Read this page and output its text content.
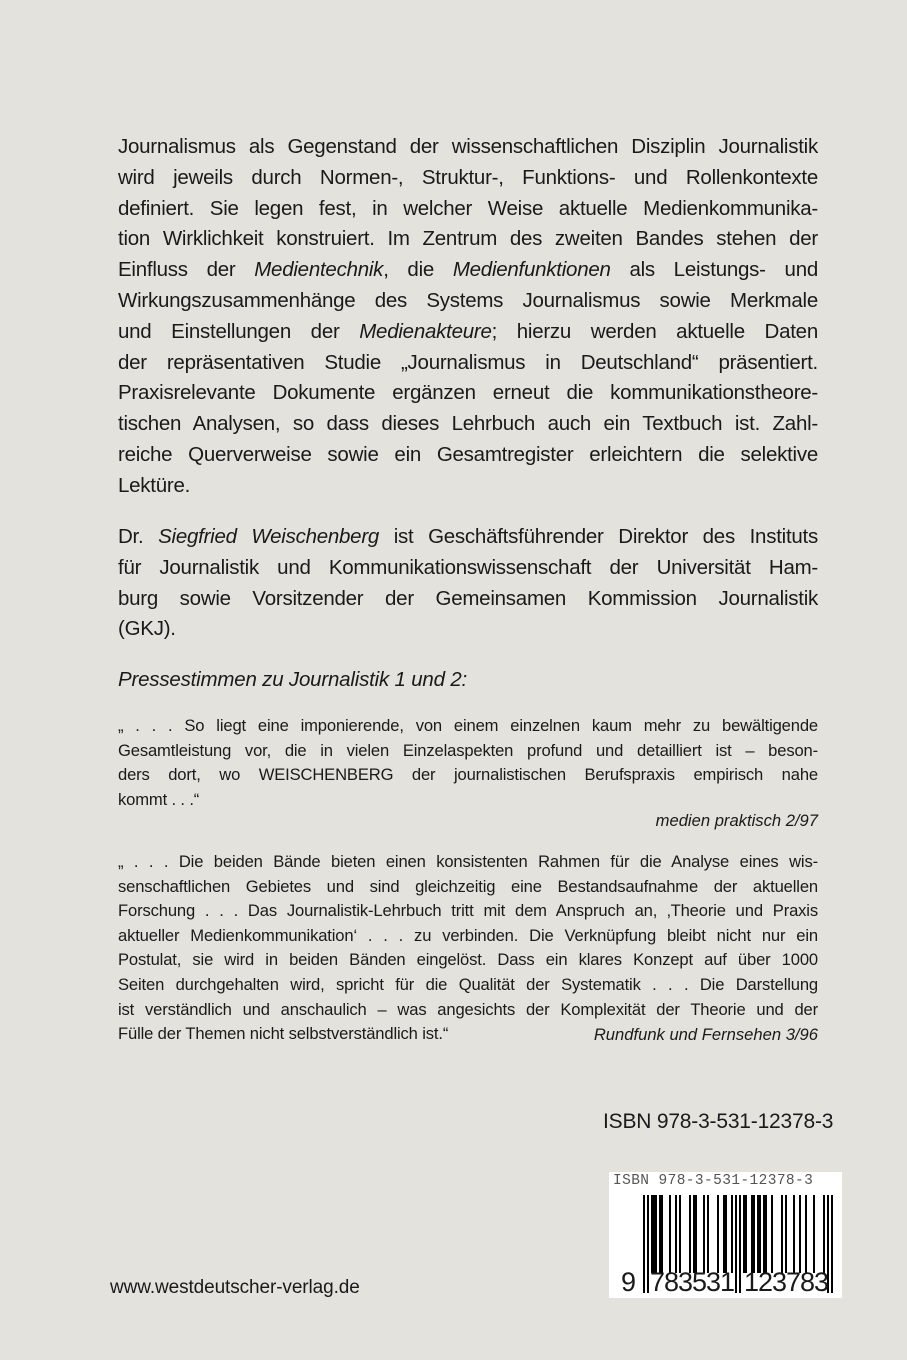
Journalismus als Gegenstand der wissenschaftlichen Disziplin Journalistik
wird jeweils durch Normen-, Struktur-, Funktions- und Rollenkontexte
definiert. Sie legen fest, in welcher Weise aktuelle Medienkommunika-
tion Wirklichkeit konstruiert. Im Zentrum des zweiten Bandes stehen der
Einfluss der Medientechnik, die Medienfunktionen als Leistungs- und
Wirkungszusammenhänge des Systems Journalismus sowie Merkmale
und Einstellungen der Medienakteure; hierzu werden aktuelle Daten
der repräsentativen Studie „Journalismus in Deutschland“ präsentiert.
Praxisrelevante Dokumente ergänzen erneut die kommunikationstheore-
tischen Analysen, so dass dieses Lehrbuch auch ein Textbuch ist. Zahl-
reiche Querverweise sowie ein Gesamtregister erleichtern die selektive
Lektüre.
Dr. Siegfried Weischenberg ist Geschäftsführender Direktor des Instituts
für Journalistik und Kommunikationswissenschaft der Universität Ham-
burg sowie Vorsitzender der Gemeinsamen Kommission Journalistik
(GKJ).
Pressestimmen zu Journalistik 1 und 2:
„ . . . So liegt eine imponierende, von einem einzelnen kaum mehr zu bewältigende
Gesamtleistung vor, die in vielen Einzelaspekten profund und detailliert ist – beson-
ders dort, wo WEISCHENBERG der journalistischen Berufspraxis empirisch nahe
kommt . . .“
medien praktisch 2/97
„ . . . Die beiden Bände bieten einen konsistenten Rahmen für die Analyse eines wis-
senschaftlichen Gebietes und sind gleichzeitig eine Bestandsaufnahme der aktuellen
Forschung . . . Das Journalistik-Lehrbuch tritt mit dem Anspruch an, ‚Theorie und Praxis
aktueller Medienkommunikation‘ . . . zu verbinden. Die Verknüpfung bleibt nicht nur ein
Postulat, sie wird in beiden Bänden eingelöst. Dass ein klares Konzept auf über 1000
Seiten durchgehalten wird, spricht für die Qualität der Systematik . . . Die Darstellung
ist verständlich und anschaulich – was angesichts der Komplexität der Theorie und der
Fülle der Themen nicht selbstverständlich ist.“	Rundfunk und Fernsehen 3/96
ISBN 978-3-531-12378-3
ISBN 978-3-531-12378-3
9 7
8
3
5
3
1 1
2
3
7
8
3
www.westdeutscher-verlag.de
